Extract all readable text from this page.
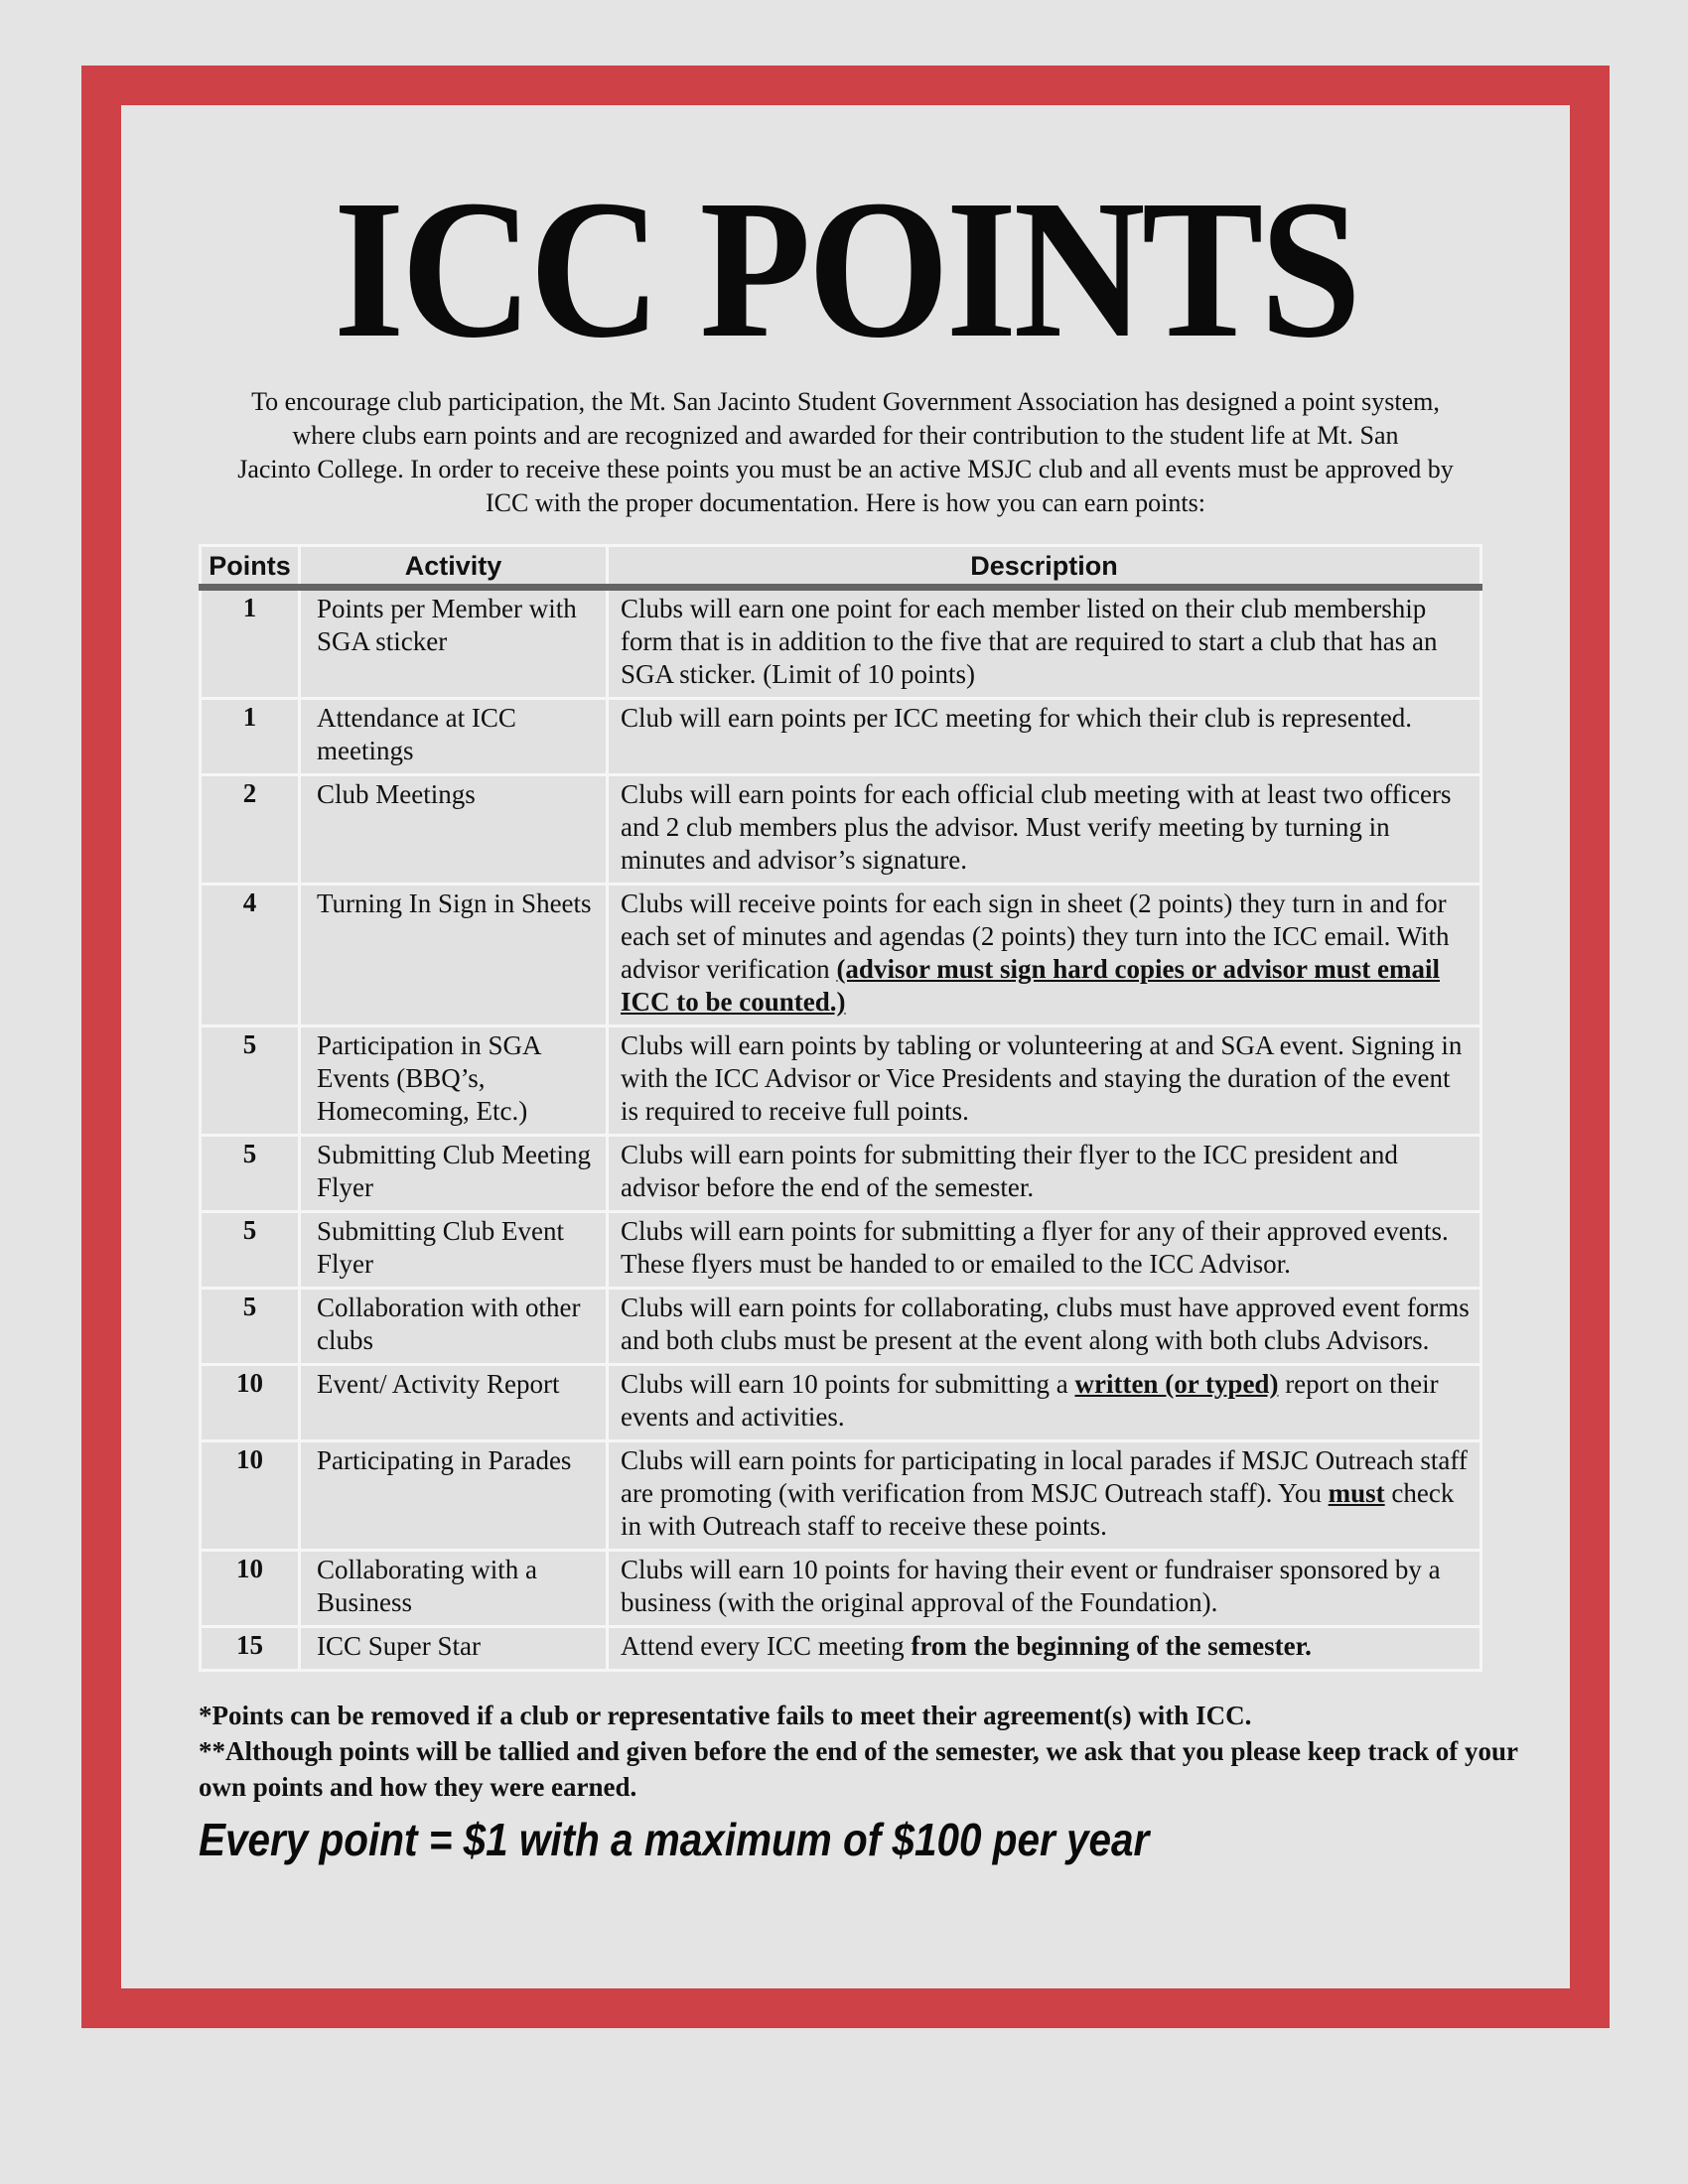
ICC POINTS
To encourage club participation, the Mt. San Jacinto Student Government Association has designed a point system,
where clubs earn points and are recognized and awarded for their contribution to the student life at Mt. San
Jacinto College. In order to receive these points you must be an active MSJC club and all events must be approved by
ICC with the proper documentation. Here is how you can earn points:
Points	Activity	Description
1	Points per Member with SGA sticker	Clubs will earn one point for each member listed on their club membership form that is in addition to the five that are required to start a club that has an SGA sticker. (Limit of 10 points)
1	Attendance at ICC meetings	Club will earn points per ICC meeting for which their club is represented.
2	Club Meetings	Clubs will earn points for each official club meeting with at least two officers and 2 club members plus the advisor. Must verify meeting by turning in minutes and advisor’s signature.
4	Turning In Sign in Sheets	Clubs will receive points for each sign in sheet (2 points) they turn in and for each set of minutes and agendas (2 points) they turn into the ICC email. With advisor verification (advisor must sign hard copies or advisor must email ICC to be counted.)
5	Participation in SGA Events (BBQ’s, Homecoming, Etc.)	Clubs will earn points by tabling or volunteering at and SGA event. Signing in with the ICC Advisor or Vice Presidents and staying the duration of the event is required to receive full points.
5	Submitting Club Meeting Flyer	Clubs will earn points for submitting their flyer to the ICC president and advisor before the end of the semester.
5	Submitting Club Event Flyer	Clubs will earn points for submitting a flyer for any of their approved events. These flyers must be handed to or emailed to the ICC Advisor.
5	Collaboration with other clubs	Clubs will earn points for collaborating, clubs must have approved event forms and both clubs must be present at the event along with both clubs Advisors.
10	Event/ Activity Report	Clubs will earn 10 points for submitting a written (or typed) report on their events and activities.
10	Participating in Parades	Clubs will earn points for participating in local parades if MSJC Outreach staff are promoting (with verification from MSJC Outreach staff). You must check in with Outreach staff to receive these points.
10	Collaborating with a Business	Clubs will earn 10 points for having their event or fundraiser sponsored by a business (with the original approval of the Foundation).
15	ICC Super Star	Attend every ICC meeting from the beginning of the semester.

*Points can be removed if a club or representative fails to meet their agreement(s) with ICC.

**Although points will be tallied and given before the end of the semester, we ask that you please keep track of your own points and how they were earned.

Every point = $1 with a maximum of $100 per year
